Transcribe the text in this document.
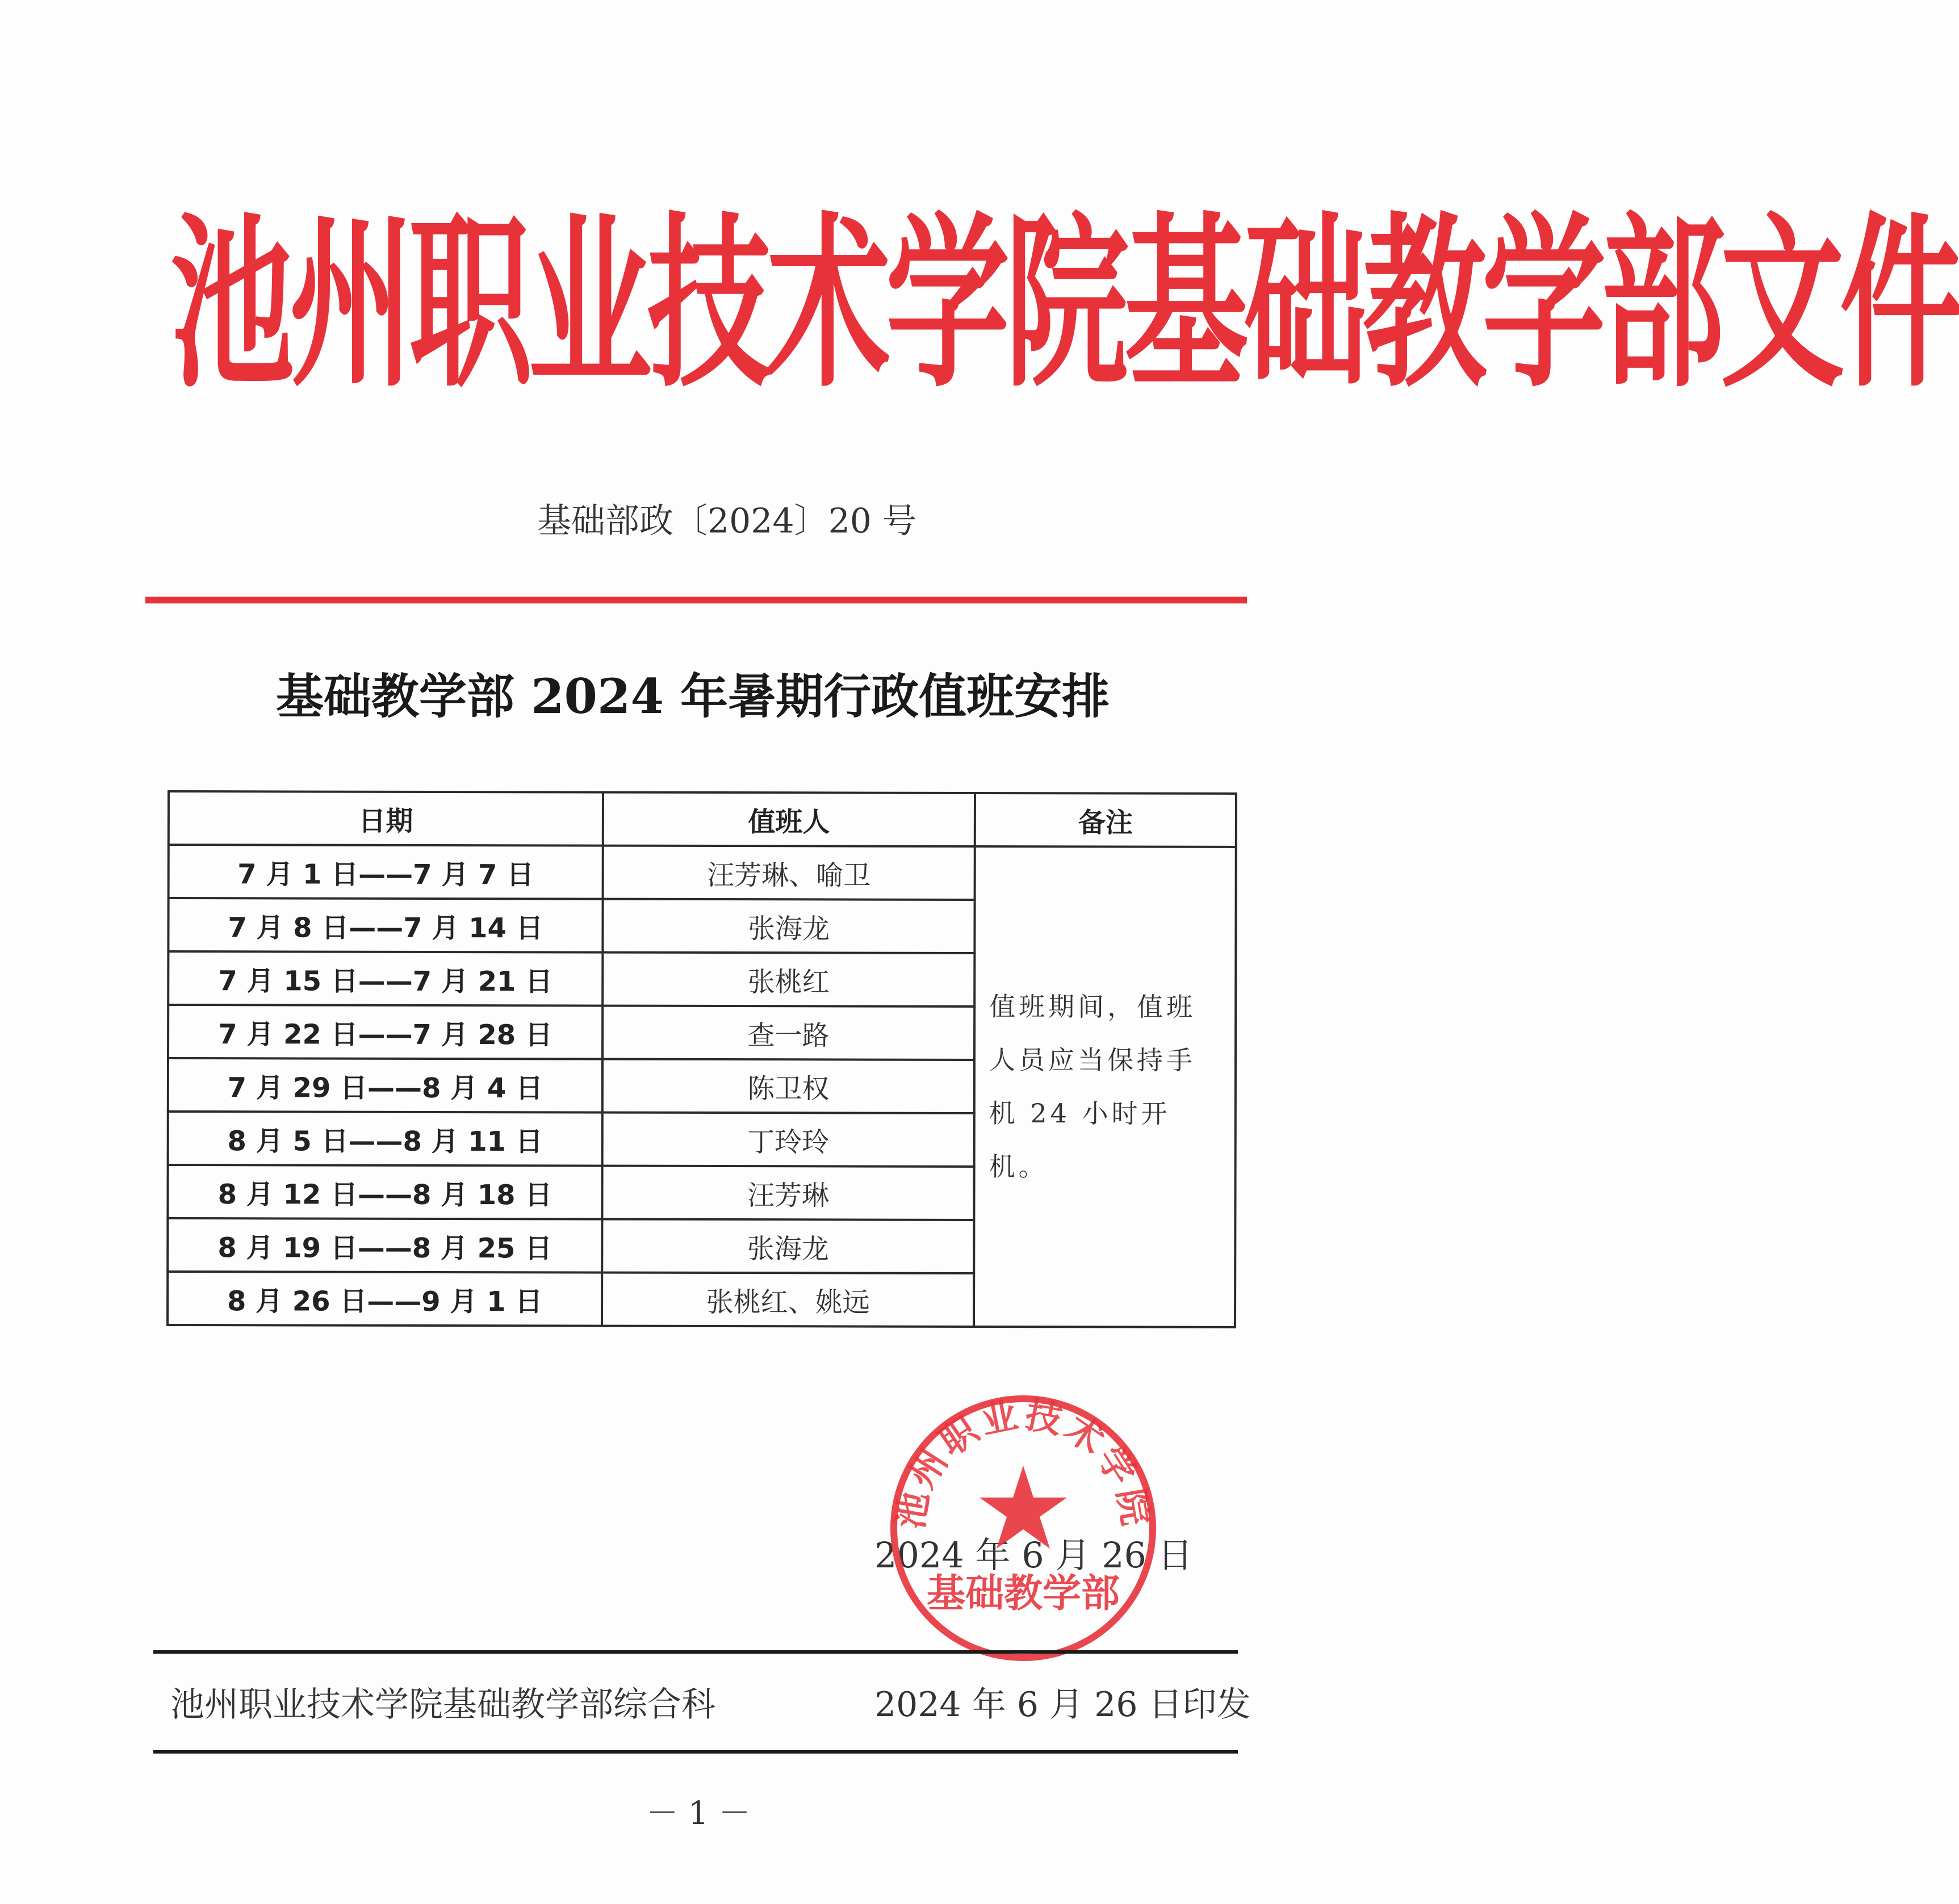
池州职业技术学院基础教学部文件
基础部政〔2024〕20 号
基础教学部 2024 年暑期行政值班安排
日期	值班人	备注
7 月 1 日——7 月 7 日	汪芳琳、喻卫	值班期间，值班人员应当保持手机 24 小时开机。
7 月 8 日——7 月 14 日	张海龙	
7 月 15 日——7 月 21 日	张桃红	
7 月 22 日——7 月 28 日	查一路	
7 月 29 日——8 月 4 日	陈卫权	
8 月 5 日——8 月 11 日	丁玲玲	
8 月 12 日——8 月 18 日	汪芳琳	
8 月 19 日——8 月 25 日	张海龙	
8 月 26 日——9 月 1 日	张桃红、姚远	
2024 年 6 月 26 日
池州职业技术学院
基础教学部
池州职业技术学院基础教学部综合科	2024 年 6 月 26 日印发
－ 1 －
